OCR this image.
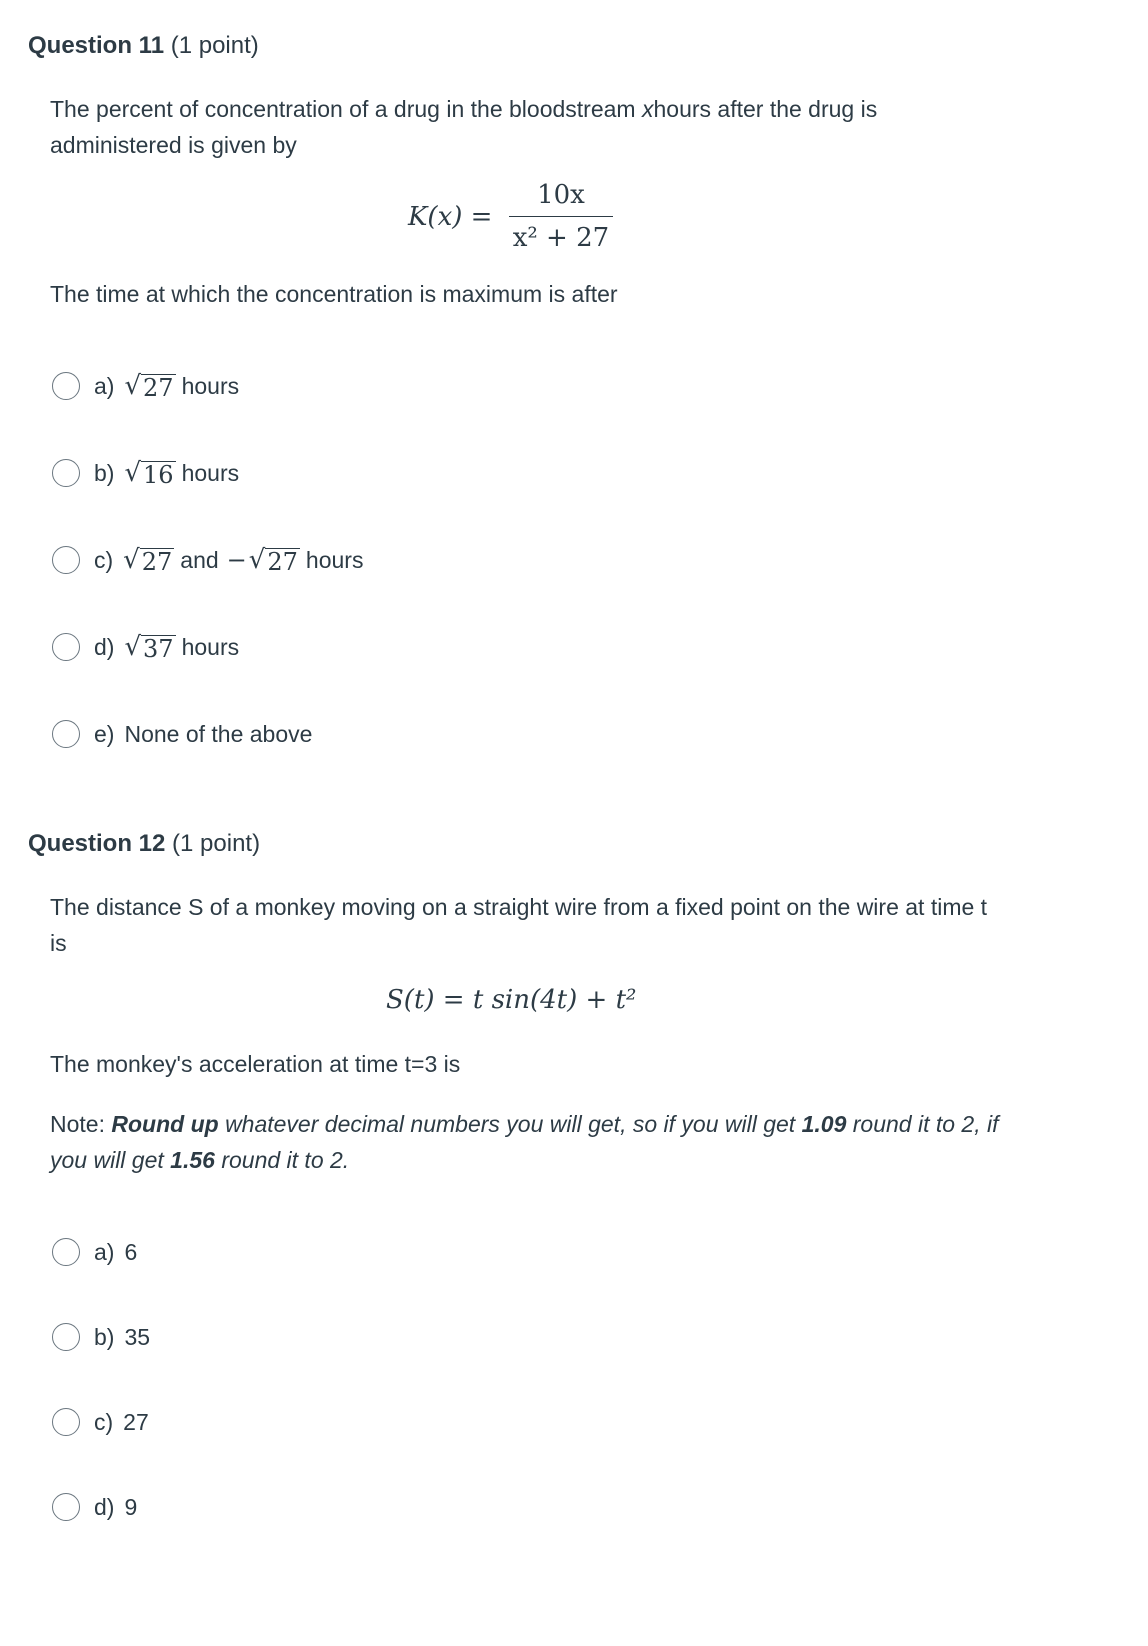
Question 11 (1 point)
The percent of concentration of a drug in the bloodstream xhours after the drug is administered is given by
$K(x) = \frac{10x}{\text{x² + 27}}$
The time at which the concentration is maximum is after
a) √ 27 hours
b) √ 16 hours
c) √ 27 and − √ 27 hours
d) √ 37 hours
e) None of the above
Question 12 (1 point)
The distance S of a monkey moving on a straight wire from a fixed point on the wire at time t is
S(t) = t sin(4t) + t²
The monkey's acceleration at time t=3 is
Note: Round up whatever decimal numbers you will get, so if you will get 1.09 round it to 2, if you will get 1.56 round it to 2.
a) 6
b) 35
c) 27
d) 9
